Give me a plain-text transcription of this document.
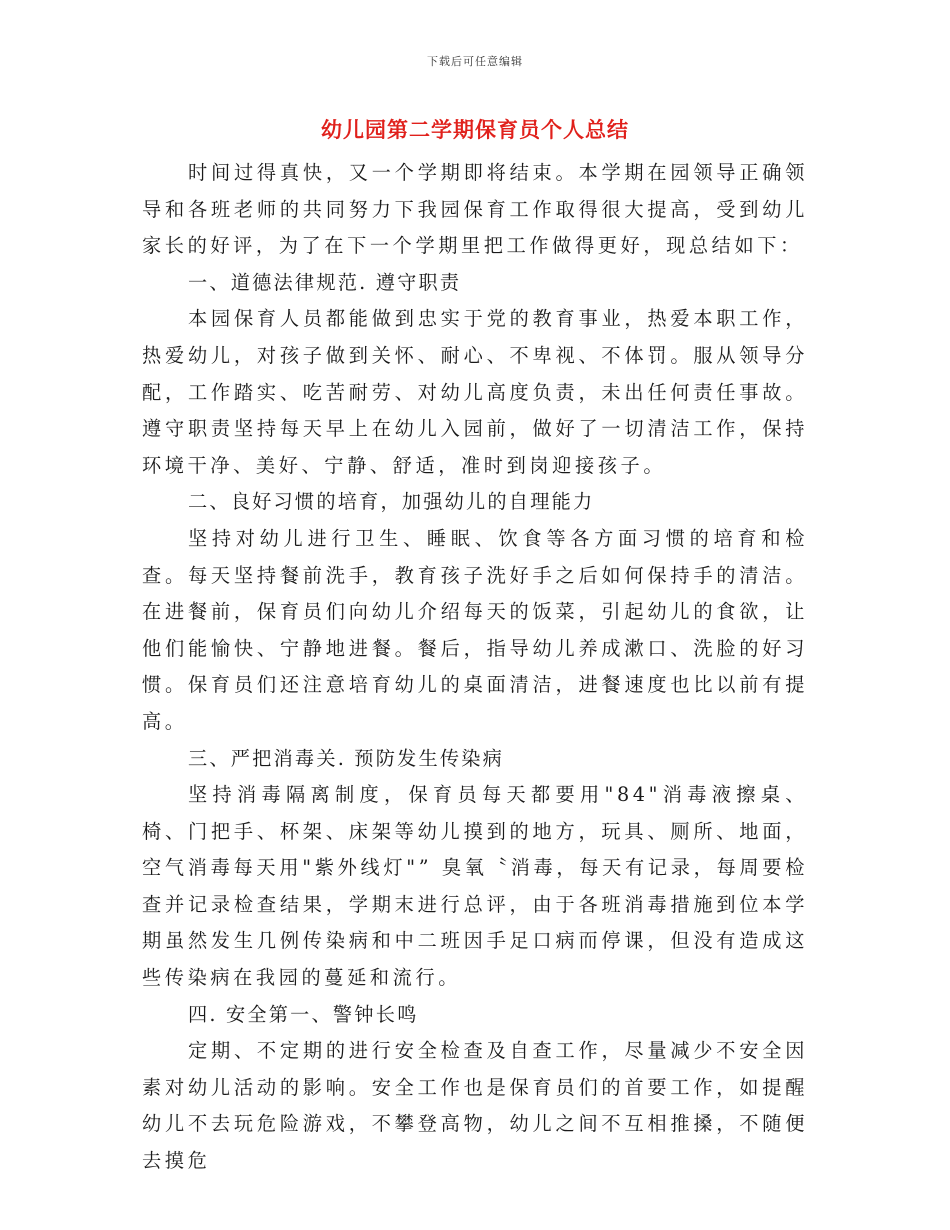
下载后可任意编辑
幼儿园第二学期保育员个人总结

时间过得真快，又一个学期即将结束。本学期在园领导正确领导和各班老师的共同努力下我园保育工作取得很大提高，受到幼儿家长的好评，为了在下一个学期里把工作做得更好，现总结如下：

一、道德法律规范. 遵守职责

本园保育人员都能做到忠实于党的教育事业，热爱本职工作，热爱幼儿，对孩子做到关怀、耐心、不卑视、不体罚。服从领导分配，工作踏实、吃苦耐劳、对幼儿高度负责，未出任何责任事故。遵守职责坚持每天早上在幼儿入园前，做好了一切清洁工作，保持环境干净、美好、宁静、舒适，准时到岗迎接孩子。

二、良好习惯的培育，加强幼儿的自理能力

坚持对幼儿进行卫生、睡眠、饮食等各方面习惯的培育和检查。每天坚持餐前洗手，教育孩子洗好手之后如何保持手的清洁。在进餐前，保育员们向幼儿介绍每天的饭菜，引起幼儿的食欲，让他们能愉快、宁静地进餐。餐后，指导幼儿养成漱口、洗脸的好习惯。保育员们还注意培育幼儿的桌面清洁，进餐速度也比以前有提高。

三、严把消毒关. 预防发生传染病

坚持消毒隔离制度，保育员每天都要用"84"消毒液擦桌、椅、门把手、杯架、床架等幼儿摸到的地方，玩具、厕所、地面，空气消毒每天用"紫外线灯"” 臭氧〝消毒，每天有记录，每周要检查并记录检查结果，学期末进行总评，由于各班消毒措施到位本学期虽然发生几例传染病和中二班因手足口病而停课，但没有造成这些传染病在我园的蔓延和流行。

四. 安全第一、警钟长鸣

定期、不定期的进行安全检查及自查工作，尽量减少不安全因素对幼儿活动的影响。安全工作也是保育员们的首要工作，如提醒幼儿不去玩危险游戏，不攀登高物，幼儿之间不互相推搡，不随便去摸危
